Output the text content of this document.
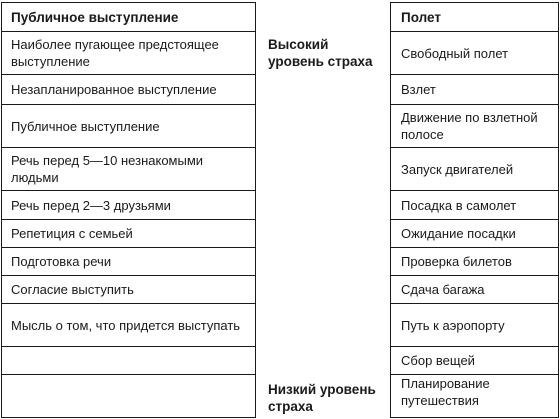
Публичное выступление
Наиболее пугающее предстоящее выступление
Незапланированное выступление
Публичное выступление
Речь перед 5—10 незнакомыми людьми
Речь перед 2—3 друзьями
Репетиция с семьей
Подготовка речи
Согласие выступить
Мысль о том, что придется выступать
Высокий уровень страха
Низкий уровень страха
Полет
Свободный полет
Взлет
Движение по взлетной полосе
Запуск двигателей
Посадка в самолет
Ожидание посадки
Проверка билетов
Сдача багажа
Путь к аэропорту
Сбор вещей
Планирование путешествия
